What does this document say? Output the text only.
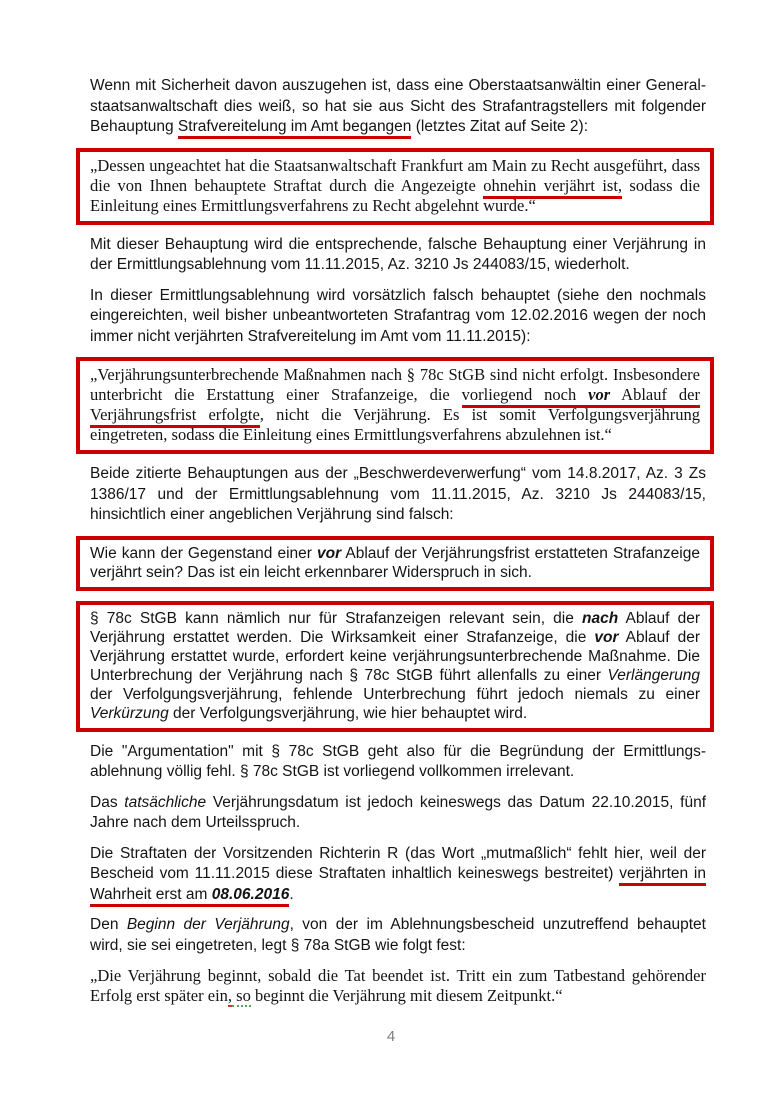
Wenn mit Sicherheit davon auszugehen ist, dass eine Oberstaatsanwältin einer Generalstaatsanwaltschaft dies weiß, so hat sie aus Sicht des Strafantragstellers mit folgender Behauptung Strafvereitelung im Amt begangen (letztes Zitat auf Seite 2):

„Dessen ungeachtet hat die Staatsanwaltschaft Frankfurt am Main zu Recht ausgeführt, dass die von Ihnen behauptete Straftat durch die Angezeigte ohnehin verjährt ist, sodass die Einleitung eines Ermittlungsverfahrens zu Recht abgelehnt wurde.“

Mit dieser Behauptung wird die entsprechende, falsche Behauptung einer Verjährung in der Ermittlungsablehnung vom 11.11.2015, Az. 3210 Js 244083/15, wiederholt.

In dieser Ermittlungsablehnung wird vorsätzlich falsch behauptet (siehe den nochmals eingereichten, weil bisher unbeantworteten Strafantrag vom 12.02.2016 wegen der noch immer nicht verjährten Strafvereitelung im Amt vom 11.11.2015):

„Verjährungsunterbrechende Maßnahmen nach § 78c StGB sind nicht erfolgt. Insbesondere unterbricht die Erstattung einer Strafanzeige, die vorliegend noch vor Ablauf der Verjährungsfrist erfolgte, nicht die Verjährung. Es ist somit Verfolgungsverjährung eingetreten, sodass die Einleitung eines Ermittlungsverfahrens abzulehnen ist.“

Beide zitierte Behauptungen aus der „Beschwerdeverwerfung“ vom 14.8.2017, Az. 3 Zs 1386/17 und der Ermittlungsablehnung vom 11.11.2015, Az. 3210 Js 244083/15, hinsichtlich einer angeblichen Verjährung sind falsch:

Wie kann der Gegenstand einer vor Ablauf der Verjährungsfrist erstatteten Strafanzeige verjährt sein? Das ist ein leicht erkennbarer Widerspruch in sich.

§ 78c StGB kann nämlich nur für Strafanzeigen relevant sein, die nach Ablauf der Verjährung erstattet werden. Die Wirksamkeit einer Strafanzeige, die vor Ablauf der Verjährung erstattet wurde, erfordert keine verjährungsunterbrechende Maßnahme. Die Unterbrechung der Verjährung nach § 78c StGB führt allenfalls zu einer Verlängerung der Verfolgungsverjährung, fehlende Unterbrechung führt jedoch niemals zu einer Verkürzung der Verfolgungsverjährung, wie hier behauptet wird.

Die "Argumentation" mit § 78c StGB geht also für die Begründung der Ermittlungsablehnung völlig fehl. § 78c StGB ist vorliegend vollkommen irrelevant.

Das tatsächliche Verjährungsdatum ist jedoch keineswegs das Datum 22.10.2015, fünf Jahre nach dem Urteilsspruch.

Die Straftaten der Vorsitzenden Richterin R (das Wort „mutmaßlich“ fehlt hier, weil der Bescheid vom 11.11.2015 diese Straftaten inhaltlich keineswegs bestreitet) verjährten in Wahrheit erst am 08.06.2016.

Den Beginn der Verjährung, von der im Ablehnungsbescheid unzutreffend behauptet wird, sie sei eingetreten, legt § 78a StGB wie folgt fest:

„Die Verjährung beginnt, sobald die Tat beendet ist. Tritt ein zum Tatbestand gehörender Erfolg erst später ein, so beginnt die Verjährung mit diesem Zeitpunkt.“

4
